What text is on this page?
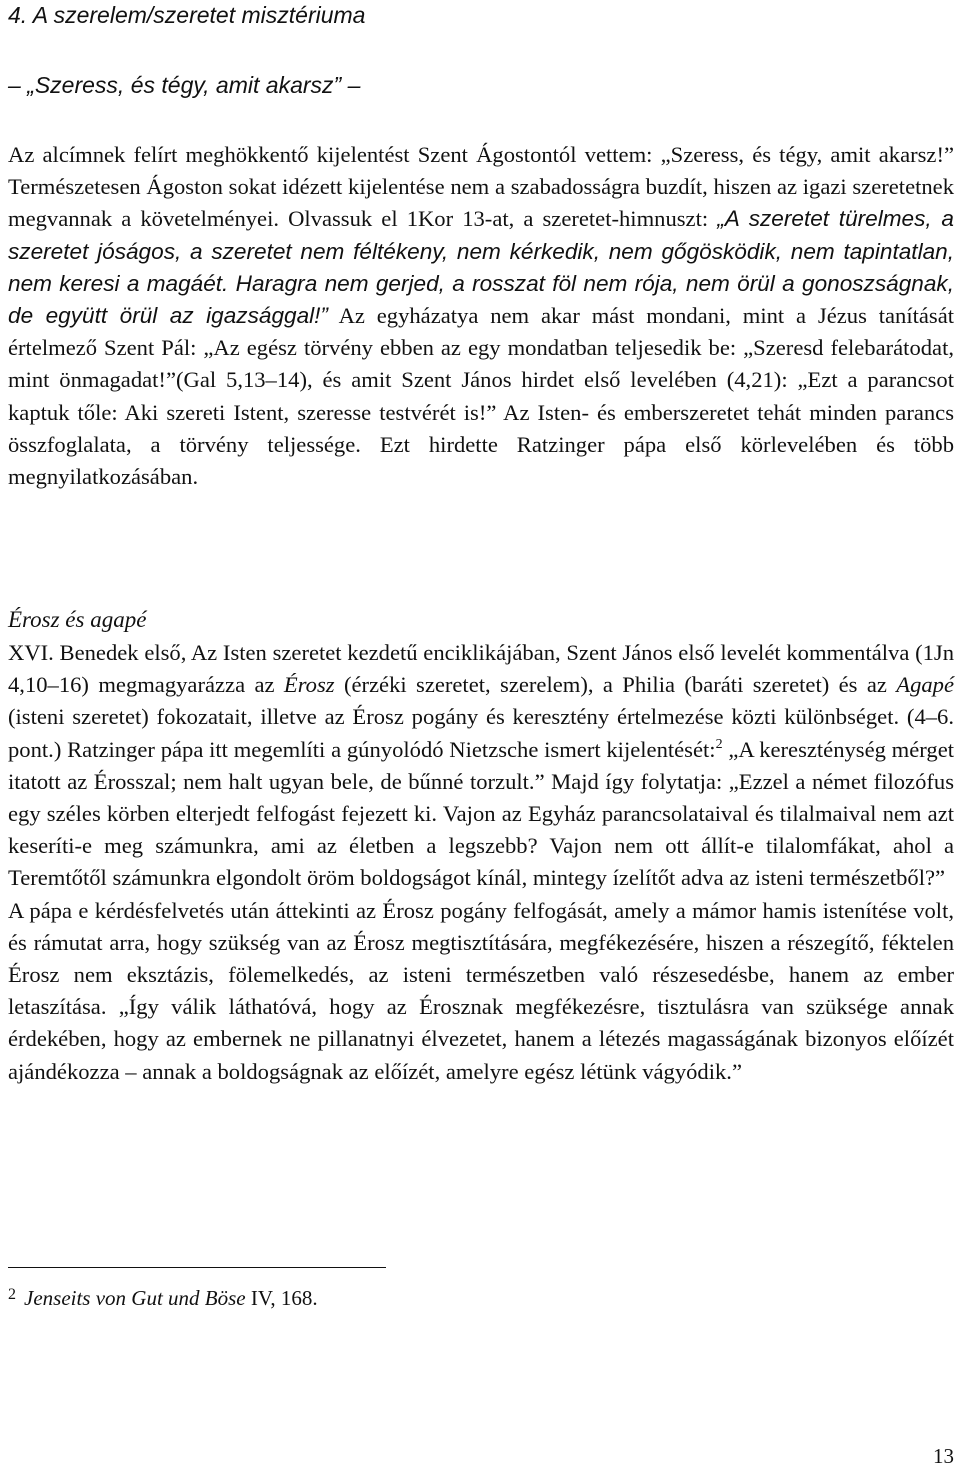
4. A szerelem/szeretet misztériuma
– „Szeress, és tégy, amit akarsz” –
Az alcímnek felírt meghökkentő kijelentést Szent Ágostontól vettem: „Szeress, és tégy, amit akarsz!” Természetesen Ágoston sokat idézett kijelentése nem a szabadosságra buzdít, hiszen az igazi szeretetnek megvannak a követelményei. Olvassuk el 1Kor 13-at, a szeretet-himnuszt: „A szeretet türelmes, a szeretet jóságos, a szeretet nem féltékeny, nem kérkedik, nem gőgösködik, nem tapintatlan, nem keresi a magáét. Haragra nem gerjed, a rosszat föl nem rója, nem örül a gonoszságnak, de együtt örül az igazsággal!” Az egyházatya nem akar mást mondani, mint a Jézus tanítását értelmező Szent Pál: „Az egész törvény ebben az egy mondatban teljesedik be: „Szeresd felebarátodat, mint önmagadat!”(Gal 5,13–14), és amit Szent János hirdet első levelében (4,21): „Ezt a parancsot kaptuk tőle: Aki szereti Istent, szeresse testvérét is!” Az Isten- és emberszeretet tehát minden parancs összfoglalata, a törvény teljessége. Ezt hirdette Ratzinger pápa első körlevelében és több megnyilatkozásában.
Érosz és agapé
XVI. Benedek első, Az Isten szeretet kezdetű enciklikájában, Szent János első levelét kommentálva (1Jn 4,10–16) megmagyarázza az Érosz (érzéki szeretet, szerelem), a Philia (baráti szeretet) és az Agapé (isteni szeretet) fokozatait, illetve az Érosz pogány és keresztény értelmezése közti különbséget. (4–6. pont.) Ratzinger pápa itt megemlíti a gúnyolódó Nietzsche ismert kijelentését:$^2$ „A kereszténység mérget itatott az Érosszal; nem halt ugyan bele, de bűnné torzult.” Majd így folytatja: „Ezzel a német filozófus egy széles körben elterjedt felfogást fejezett ki. Vajon az Egyház parancsolataival és tilalmaival nem azt keseríti-e meg számunkra, ami az életben a legszebb? Vajon nem ott állít-e tilalomfákat, ahol a Teremtőtől számunkra elgondolt öröm boldogságot kínál, mintegy ízelítőt adva az isteni természetből?”
A pápa e kérdésfelvetés után áttekinti az Érosz pogány felfogását, amely a mámor hamis istenítése volt, és rámutat arra, hogy szükség van az Érosz megtisztítására, megfékezésére, hiszen a részegítő, féktelen Érosz nem eksztázis, fölemelkedés, az isteni természetben való részesedésbe, hanem az ember letaszítása. „Így válik láthatóvá, hogy az Érosznak megfékezésre, tisztulásra van szüksége annak érdekében, hogy az embernek ne pillanatnyi élvezetet, hanem a létezés magasságának bizonyos előízét ajándékozza – annak a boldogságnak az előízét, amelyre egész létünk vágyódik.”
$^2$ Jenseits von Gut und Böse IV, 168.
13
